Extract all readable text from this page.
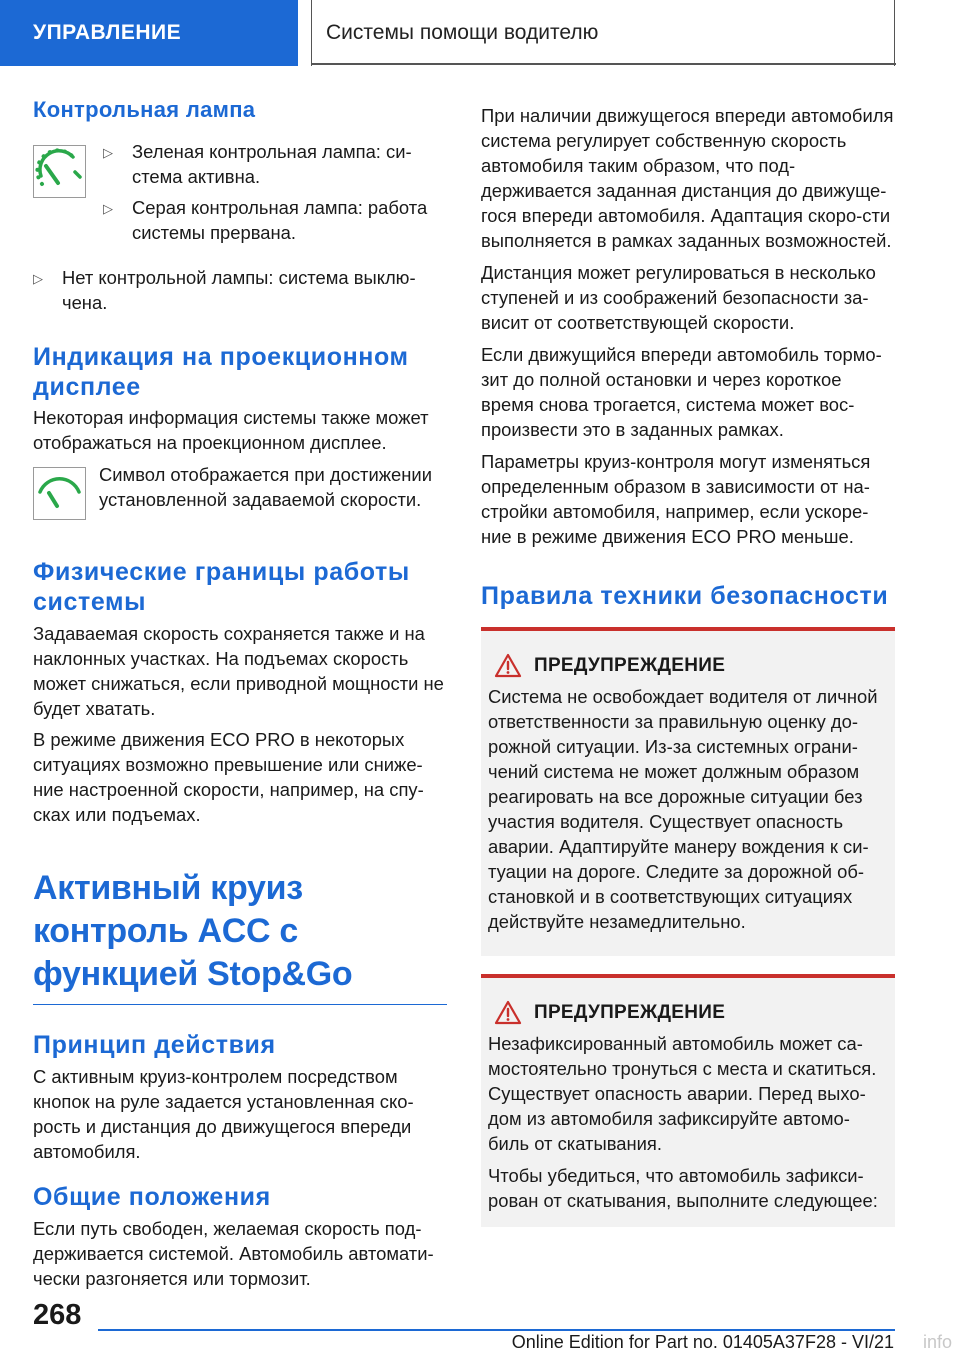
УПРАВЛЕНИЕ	Системы помощи водителю
Контрольная лампа
▷ Зеленая контрольная лампа: си-стема активна.
▷ Серая контрольная лампа: работа системы прервана.
▷ Нет контрольной лампы: система выклю-чена.
Индикация на проекционном дисплее

Некоторая информация системы также может отображаться на проекционном дисплее.

Символ отображается при достижении установленной задаваемой скорости.
Физические границы работы системы

Задаваемая скорость сохраняется также и на наклонных участках. На подъемах скорость может снижаться, если приводной мощности не будет хватать.

В режиме движения ECO PRO в некоторых ситуациях возможно превышение или сниже-ние настроенной скорости, например, на спу-сках или подъемах.

Активный круиз контроль ACC с функцией Stop&Go
Принцип действия

С активным круиз-контролем посредством кнопок на руле задается установленная ско-рость и дистанция до движущегося впереди автомобиля.

Общие положения

Если путь свободен, желаемая скорость под-держивается системой. Автомобиль автомати-чески разгоняется или тормозит.

При наличии движущегося впереди автомобиля система регулирует собственную скорость автомобиля таким образом, что под-держивается заданная дистанция до движуще-гося впереди автомобиля. Адаптация скоро-сти выполняется в рамках заданных возможностей.

Дистанция может регулироваться в несколько ступеней и из соображений безопасности за-висит от соответствующей скорости.

Если движущийся впереди автомобиль тормо-зит до полной остановки и через короткое время снова трогается, система может вос-произвести это в заданных рамках.

Параметры круиз-контроля могут изменяться определенным образом в зависимости от на-стройки автомобиля, например, если ускоре-ние в режиме движения ECO PRO меньше.

Правила техники безопасности
ПРЕДУПРЕЖДЕНИЕ

Система не освобождает водителя от личной ответственности за правильную оценку до-рожной ситуации. Из-за системных ограни-чений система не может должным образом реагировать на все дорожные ситуации без участия водителя. Существует опасность аварии. Адаптируйте манеру вождения к си-туации на дороге. Следите за дорожной об-становкой и в соответствующих ситуациях действуйте незамедлительно.

ПРЕДУПРЕЖДЕНИЕ

Незафиксированный автомобиль может са-мостоятельно тронуться с места и скатиться. Существует опасность аварии. Перед выхо-дом из автомобиля зафиксируйте автомо-биль от скатывания.

Чтобы убедиться, что автомобиль зафикси-рован от скатывания, выполните следующее:

268
Online Edition for Part no. 01405A37F28 - VI/21 info
